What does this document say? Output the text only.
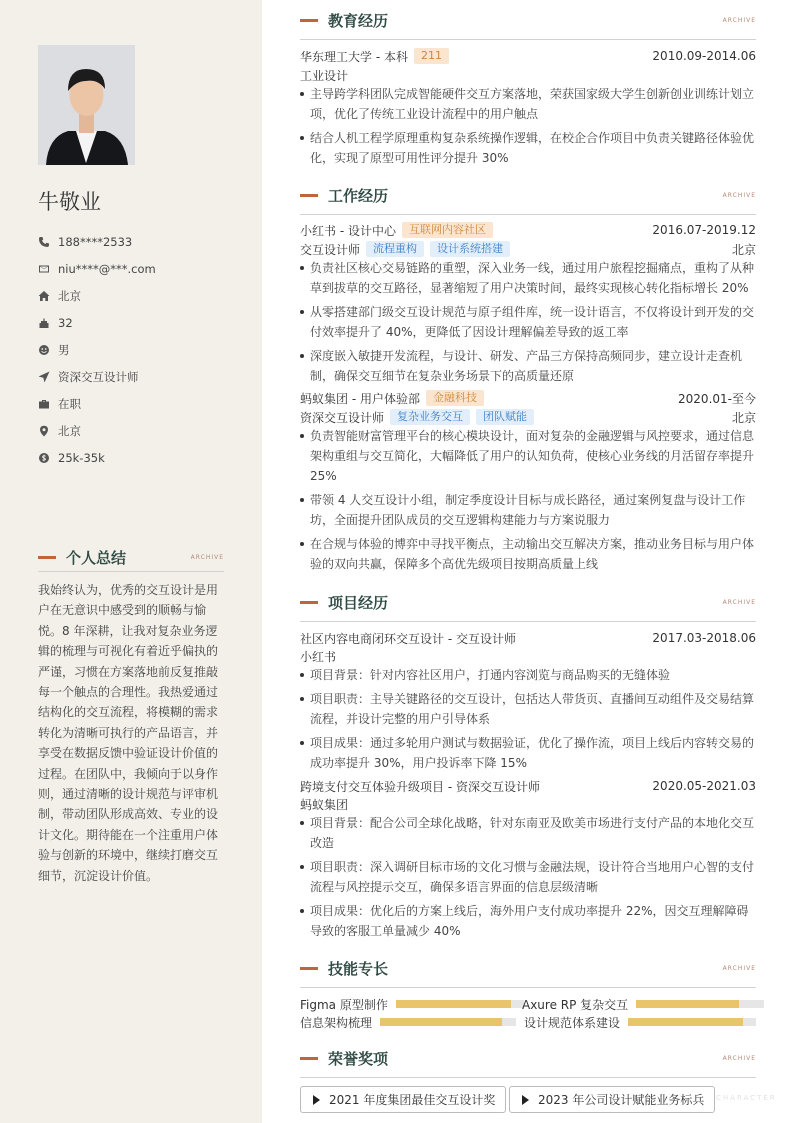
牛敬业
188****2533
niu****@***.com
北京
32
男
资深交互设计师
在职
北京
25k-35k
个人总结	ARCHIVE
我始终认为，优秀的交互设计是用户在无意识中感受到的顺畅与愉悦。8 年深耕，让我对复杂业务逻辑的梳理与可视化有着近乎偏执的严谨，习惯在方案落地前反复推敲每一个触点的合理性。我热爱通过结构化的交互流程，将模糊的需求转化为清晰可执行的产品语言，并享受在数据反馈中验证设计价值的过程。在团队中，我倾向于以身作则，通过清晰的设计规范与评审机制，带动团队形成高效、专业的设计文化。期待能在一个注重用户体验与创新的环境中，继续打磨交互细节，沉淀设计价值。
教育经历	ARCHIVE
华东理工大学 - 本科	211	2010.09-2014.06
工业设计
主导跨学科团队完成智能硬件交互方案落地，荣获国家级大学生创新创业训练计划立项，优化了传统工业设计流程中的用户触点
结合人机工程学原理重构复杂系统操作逻辑，在校企合作项目中负责关键路径体验优化，实现了原型可用性评分提升 30%
工作经历	ARCHIVE
小红书 - 设计中心	互联网内容社区	2016.07-2019.12
交互设计师	流程重构	设计系统搭建	北京
负责社区核心交易链路的重塑，深入业务一线，通过用户旅程挖掘痛点，重构了从种草到拔草的交互路径，显著缩短了用户决策时间，最终实现核心转化指标增长 20%
从零搭建部门级交互设计规范与原子组件库，统一设计语言，不仅将设计到开发的交付效率提升了 40%，更降低了因设计理解偏差导致的返工率
深度嵌入敏捷开发流程，与设计、研发、产品三方保持高频同步，建立设计走查机制，确保交互细节在复杂业务场景下的高质量还原
蚂蚁集团 - 用户体验部	金融科技	2020.01-至今
资深交互设计师	复杂业务交互	团队赋能	北京
负责智能财富管理平台的核心模块设计，面对复杂的金融逻辑与风控要求，通过信息架构重组与交互简化，大幅降低了用户的认知负荷，使核心业务线的月活留存率提升 25%
带领 4 人交互设计小组，制定季度设计目标与成长路径，通过案例复盘与设计工作坊，全面提升团队成员的交互逻辑构建能力与方案说服力
在合规与体验的博弈中寻找平衡点，主动输出交互解决方案，推动业务目标与用户体验的双向共赢，保障多个高优先级项目按期高质量上线
项目经历	ARCHIVE
社区内容电商闭环交互设计 - 交互设计师	2017.03-2018.06
小红书
项目背景：针对内容社区用户，打通内容浏览与商品购买的无缝体验
项目职责：主导关键路径的交互设计，包括达人带货页、直播间互动组件及交易结算流程，并设计完整的用户引导体系
项目成果：通过多轮用户测试与数据验证，优化了操作流，项目上线后内容转交易的成功率提升 30%，用户投诉率下降 15%
跨境支付交互体验升级项目 - 资深交互设计师	2020.05-2021.03
蚂蚁集团
项目背景：配合公司全球化战略，针对东南亚及欧美市场进行支付产品的本地化交互改造
项目职责：深入调研目标市场的文化习惯与金融法规，设计符合当地用户心智的支付流程与风控提示交互，确保多语言界面的信息层级清晰
项目成果：优化后的方案上线后，海外用户支付成功率提升 22%，因交互理解障碍导致的客服工单量减少 40%
技能专长	ARCHIVE
Figma 原型制作	Axure RP 复杂交互
信息架构梳理	设计规范体系建设
荣誉奖项	ARCHIVE
2021 年度集团最佳交互设计奖	2023 年公司设计赋能业务标兵 CHARACTER
